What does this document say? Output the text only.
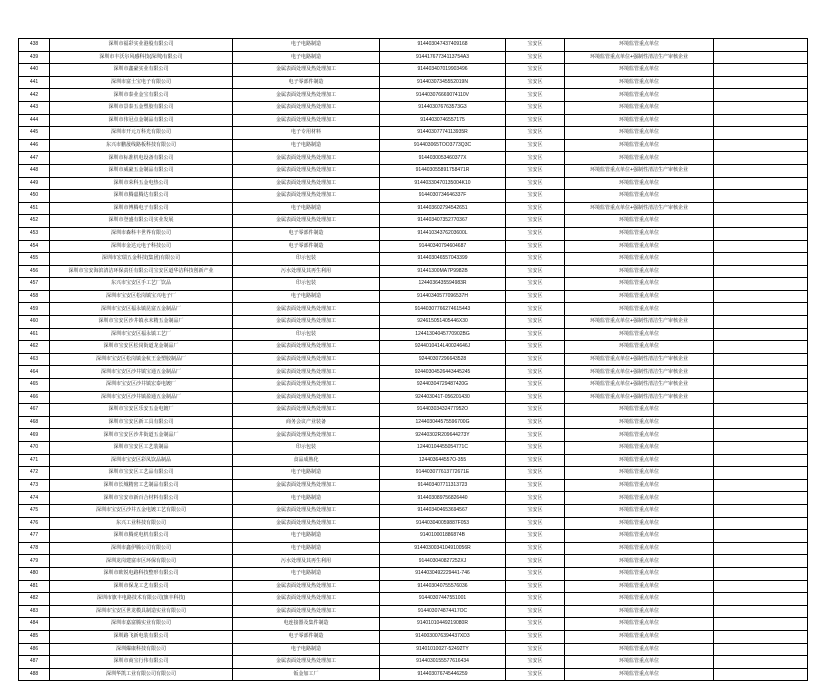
438	深圳市福彩实业港股有限公司	电子电路制造	914403047437409168	宝安区	环境监管重点单位	
439	深圳市丰沃尔风感科技(深圳)有限公司	电子电路制造	91441767734113754A3	宝安区	环境监管重点单位+强制性清洁生产审核企业	
440	深圳市鑫豪实业有限公司	金属表面处理及热处理加工	914403407019903496	宝安区	环境监管重点单位	
441	深圳市富士宝电子有限公司	电子零部件制造	91440307345552019N	宝安区	环境监管重点单位	
442	深圳市泰业金宝有限公司	金属表面处理及热处理加工	914403076669074110V	宝安区	环境监管重点单位	
443	深圳市景泰五金塑胶有限公司	金属表面处理及热处理加工	914403076763573G3	宝安区	环境监管重点单位	
444	深圳市伟冠点金制品有限公司	金属表面处理及热处理加工	9144030746557175	宝安区	环境监管重点单位	
445	深圳市开元万科光有限公司	电子专用材料	91440307774113935R	宝安区	环境监管重点单位	
446	东兴市鹏晟线路板科技有限公司	电子电路制造	914403065TOO3773Q3C	宝安区	环境监管重点单位	
447	深圳市标准机电设备有限公司	金属表面处理及热处理加工	9144030053460377X	宝安区	环境监管重点单位	
448	深圳市威豪五金制品有限公司	金属表面处理及热处理加工	914403055891758471R	宝安区	环境监管重点单位+强制性清洁生产审核企业	
449	深圳市荣科五金电热公司	金属表面处理及热处理加工	91440330470135004K10	宝安区	环境监管重点单位	
450	深圳市腾嘉腾达有限公司	金属表面处理及热处理加工	9144030734646337F	宝安区	环境监管重点单位	
451	深圳市博腾电子有限公司	电子电路制造	914403602794542651	宝安区	环境监管重点单位+强制性清洁生产审核企业	
452	深圳市登盛有限公司实业发展	金属表面处理及热处理加工	914403407352770367	宝安区	环境监管重点单位	
453	深圳市森科丰世界有限公司	电子零部件制造	91441034376203600L	宝安区	环境监管重点单位	
454	深圳市金达元电子科技公司	电子零部件制造	91440340794604687	宝安区	环境监管重点单位	
455	深圳市宏瑞五金科技(集团)有限公司	印示包装	914403046557043399	宝安区	环境监管重点单位	
456	深圳市宝安海滨清洁环保责任有限公司宝安区道华洁科技创新产业	污水处理及其再生利用	91441300MA7P9982B	宝安区	环境监管重点单位	
457	东兴市宝安区手工艺厂饮品	印示包装	1244036435594983R	宝安区	环境监管重点单位	
458	深圳市宝安区松岗镇宝兴电子厂	电子电路制造	91440340577096537H	宝安区	环境监管重点单位	
459	深圳市宝安区福永镇昆富五金制品厂	金属表面处理及热处理加工	91440307766274615443	宝安区	环境监管重点单位	
460	深圳市宝安区沙井镇水末精五金制品厂	金属表面处理及热处理加工	924615051405446X30	宝安区	环境监管重点单位+强制性清洁生产审核企业	
461	深圳市宝安区福永镇工艺厂	印示包装	12441304045770902BG	宝安区	环境监管重点单位	
462	深圳市宝安区松岗街道龙金制品厂	金属表面处理及热处理加工	9244010414L40024646J	宝安区	环境监管重点单位	
463	深圳市宝安区松岗镇金杭王金塑胶制品厂	金属表面处理及热处理加工	92440307296643528	宝安区	环境监管重点单位+强制性清洁生产审核企业	
464	深圳市宝安区沙井镇宝通五金制品厂	金属表面处理及热处理加工	92440304526443445245	宝安区	环境监管重点单位+强制性清洁生产审核企业	
465	深圳市宝安区沙井镇宏泰电镀厂	金属表面处理及热处理加工	92440304729487420G	宝安区	环境监管重点单位+强制性清洁生产审核企业	
466	深圳市宝安区沙井镇盈通五金制品厂	金属表面处理及热处理加工	924403041T-056201430	宝安区	环境监管重点单位+强制性清洁生产审核企业	
467	深圳市宝安区乐安五金电镀厂	金属表面处理及热处理加工	91440303432477952O	宝安区	环境监管重点单位	
468	深圳市宝安区新工具有限公司	商务会议产业装备	124403044575596700G	宝安区	环境监管重点单位	
469	深圳市宝安区沙井街道五金制品厂	金属表面处理及热处理加工	92440302R209644273Y	宝安区	环境监管重点单位	
470	深圳市宝安区工艺装制品	印示包装	12440104455054771C	宝安区	环境监管重点单位	
471	深圳市宝安区彩凤饮品制品	食品成熟化	124403644557O-355	宝安区	环境监管重点单位	
472	深圳市宝安区工艺品有限公司	电子电路制造	914403077613772671E	宝安区	环境监管重点单位	
473	深圳市长城精密工艺制品有限公司	金属表面处理及热处理加工	914403407711313723	宝安区	环境监管重点单位	
474	深圳市宝安市新百合材料有限公司	电子电路制造	914403089756826440	宝安区	环境监管重点单位	
475	深圳市宝安区沙井五金电镀工艺有限公司	金属表面处理及热处理加工	914403404653694567	宝安区	环境监管重点单位	
476	东兴工业科技有限公司	金属表面处理及热处理加工	914403040059887F053	宝安区	环境监管重点单位	
477	深圳市腾虎电机有限公司	电子电路制造	914010001886874B	宝安区	环境监管重点单位	
478	深圳市鑫伊腾公司有限公司	电子电路制造	9144030034104910056R	宝安区	环境监管重点单位	
479	深圳龙岗建富市区环保有限公司	污水处理及其再生利用	914403040827252XJ	宝安区	环境监管重点单位	
480	深圳市欧锐电路科技整形有限公司	电子电路制造	9144030492229441-746	宝安区	环境监管重点单位	
481	深圳市保龙工艺有限公司	金属表面处理及热处理加工	914403040755576036	宝安区	环境监管重点单位	
482	深圳市旗丰电路技术有限公司(旗丰科技)	金属表面处理及热处理加工	91440307447551001	宝安区	环境监管重点单位	
483	深圳市宝安区世龙模具制造实业有限公司	金属表面处理及热处理加工	914403074874417OC	宝安区	环境监管重点单位	
484	深圳市嘉富腾实业有限公司	电连接器及集件制造	91401010449219080R	宝安区	环境监管重点单位	
485	深圳路飞新电装有限公司	电子零部件制造	9140030076394437XD3	宝安区	环境监管重点单位	
486	深圳爆康科技有限公司	电子电路制造	91401010027-52492TY	宝安区	环境监管重点单位	
487	深圳市商宝行伟有限公司	金属表面处理及热处理加工	9144030155577616434	宝安区	环境监管重点单位	
488	深圳华凯工业有限公司有限公司	钣金加工厂	914403076745446259	宝安区	环境监管重点单位	
